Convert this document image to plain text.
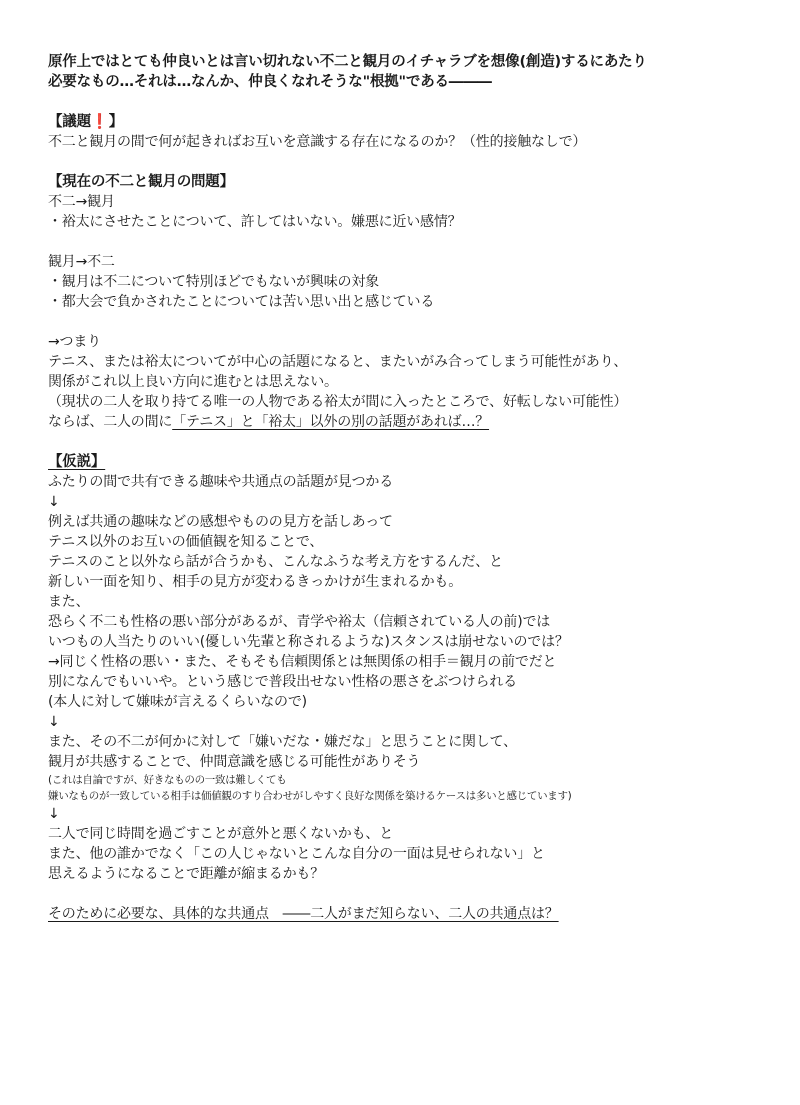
原作上ではとても仲良いとは言い切れない不二と観月のイチャラブを想像(創造)するにあたり
必要なもの…それは…なんか、仲良くなれそうな"根拠"である―――
【議題❗】
不二と観月の間で何が起きればお互いを意識する存在になるのか？（性的接触なしで）
【現在の不二と観月の問題】
不二→観月
・裕太にさせたことについて、許してはいない。嫌悪に近い感情？
観月→不二
・観月は不二について特別ほどでもないが興味の対象
・都大会で負かされたことについては苦い思い出と感じている
→つまり
テニス、または裕太についてが中心の話題になると、またいがみ合ってしまう可能性があり、
関係がこれ以上良い方向に進むとは思えない。
（現状の二人を取り持てる唯一の人物である裕太が間に入ったところで、好転しない可能性）
ならば、二人の間に「テニス」と「裕太」以外の別の話題があれば…？
【仮説】
ふたりの間で共有できる趣味や共通点の話題が見つかる
↓
例えば共通の趣味などの感想やものの見方を話しあって
テニス以外のお互いの価値観を知ることで、
テニスのこと以外なら話が合うかも、こんなふうな考え方をするんだ、と
新しい一面を知り、相手の見方が変わるきっかけが生まれるかも。
また、
恐らく不二も性格の悪い部分があるが、青学や裕太（信頼されている人の前)では
いつもの人当たりのいい(優しい先輩と称されるような)スタンスは崩せないのでは？
→同じく性格の悪い・また、そもそも信頼関係とは無関係の相手＝観月の前でだと
別になんでもいいや。という感じで普段出せない性格の悪さをぶつけられる
(本人に対して嫌味が言えるくらいなので)
↓
また、その不二が何かに対して「嫌いだな・嫌だな」と思うことに関して、
観月が共感することで、仲間意識を感じる可能性がありそう
(これは自論ですが、好きなものの一致は難しくても
嫌いなものが一致している相手は価値観のすり合わせがしやすく良好な関係を築けるケースは多いと感じています)
↓
二人で同じ時間を過ごすことが意外と悪くないかも、と
また、他の誰かでなく「この人じゃないとこんな自分の一面は見せられない」と
思えるようになることで距離が縮まるかも？
そのために必要な、具体的な共通点　――二人がまだ知らない、二人の共通点は？
